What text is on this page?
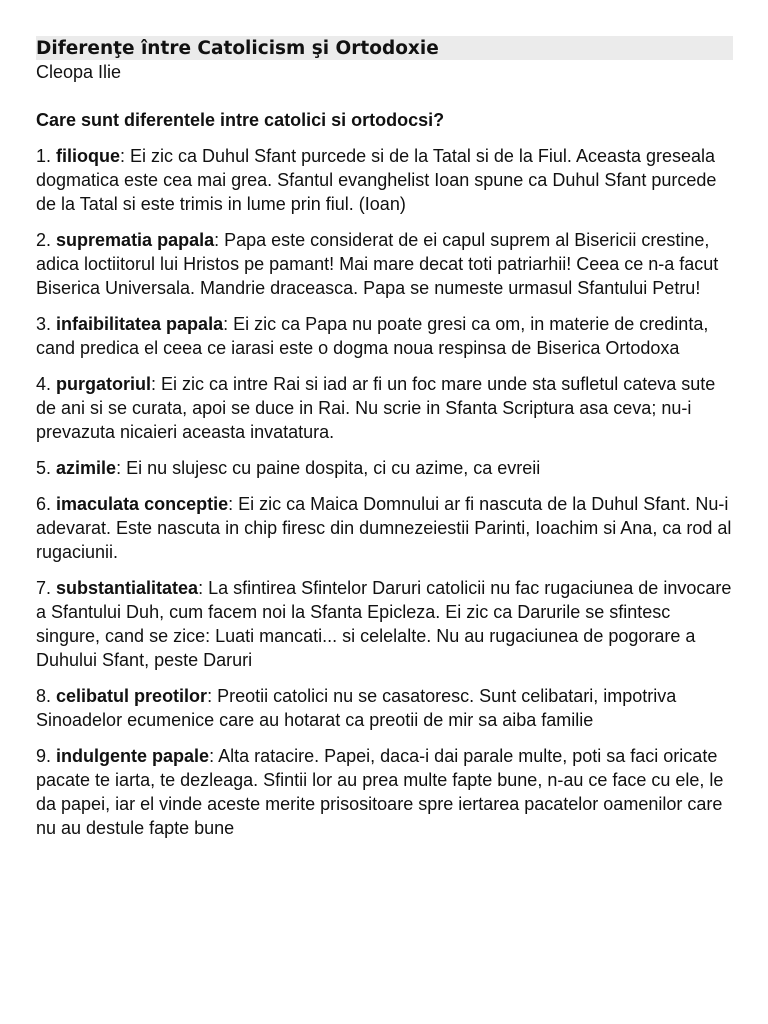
Diferenţe între Catolicism şi Ortodoxie

Cleopa Ilie

Care sunt diferentele intre catolici si ortodocsi?

1. filioque: Ei zic ca Duhul Sfant purcede si de la Tatal si de la Fiul. Aceasta greseala dogmatica este cea mai grea. Sfantul evanghelist Ioan spune ca Duhul Sfant purcede de la Tatal si este trimis in lume prin fiul. (Ioan)

2. suprematia papala: Papa este considerat de ei capul suprem al Bisericii crestine, adica loctiitorul lui Hristos pe pamant! Mai mare decat toti patriarhii! Ceea ce n-a facut Biserica Universala. Mandrie draceasca. Papa se numeste urmasul Sfantului Petru!

3. infaibilitatea papala: Ei zic ca Papa nu poate gresi ca om, in materie de credinta, cand predica el ceea ce iarasi este o dogma noua respinsa de Biserica Ortodoxa

4. purgatoriul: Ei zic ca intre Rai si iad ar fi un foc mare unde sta sufletul cateva sute de ani si se curata, apoi se duce in Rai. Nu scrie in Sfanta Scriptura asa ceva; nu-i prevazuta nicaieri aceasta invatatura.

5. azimile: Ei nu slujesc cu paine dospita, ci cu azime, ca evreii

6. imaculata conceptie: Ei zic ca Maica Domnului ar fi nascuta de la Duhul Sfant. Nu-i adevarat. Este nascuta in chip firesc din dumnezeiestii Parinti, Ioachim si Ana, ca rod al rugaciunii.

7. substantialitatea: La sfintirea Sfintelor Daruri catolicii nu fac rugaciunea de invocare a Sfantului Duh, cum facem noi la Sfanta Epicleza. Ei zic ca Darurile se sfintesc singure, cand se zice: Luati mancati... si celelalte. Nu au rugaciunea de pogorare a Duhului Sfant, peste Daruri

8. celibatul preotilor: Preotii catolici nu se casatoresc. Sunt celibatari, impotriva Sinoadelor ecumenice care au hotarat ca preotii de mir sa aiba familie

9. indulgente papale: Alta ratacire. Papei, daca-i dai parale multe, poti sa faci oricate pacate te iarta, te dezleaga. Sfintii lor au prea multe fapte bune, n-au ce face cu ele, le da papei, iar el vinde aceste merite prisositoare spre iertarea pacatelor oamenilor care nu au destule fapte bune
